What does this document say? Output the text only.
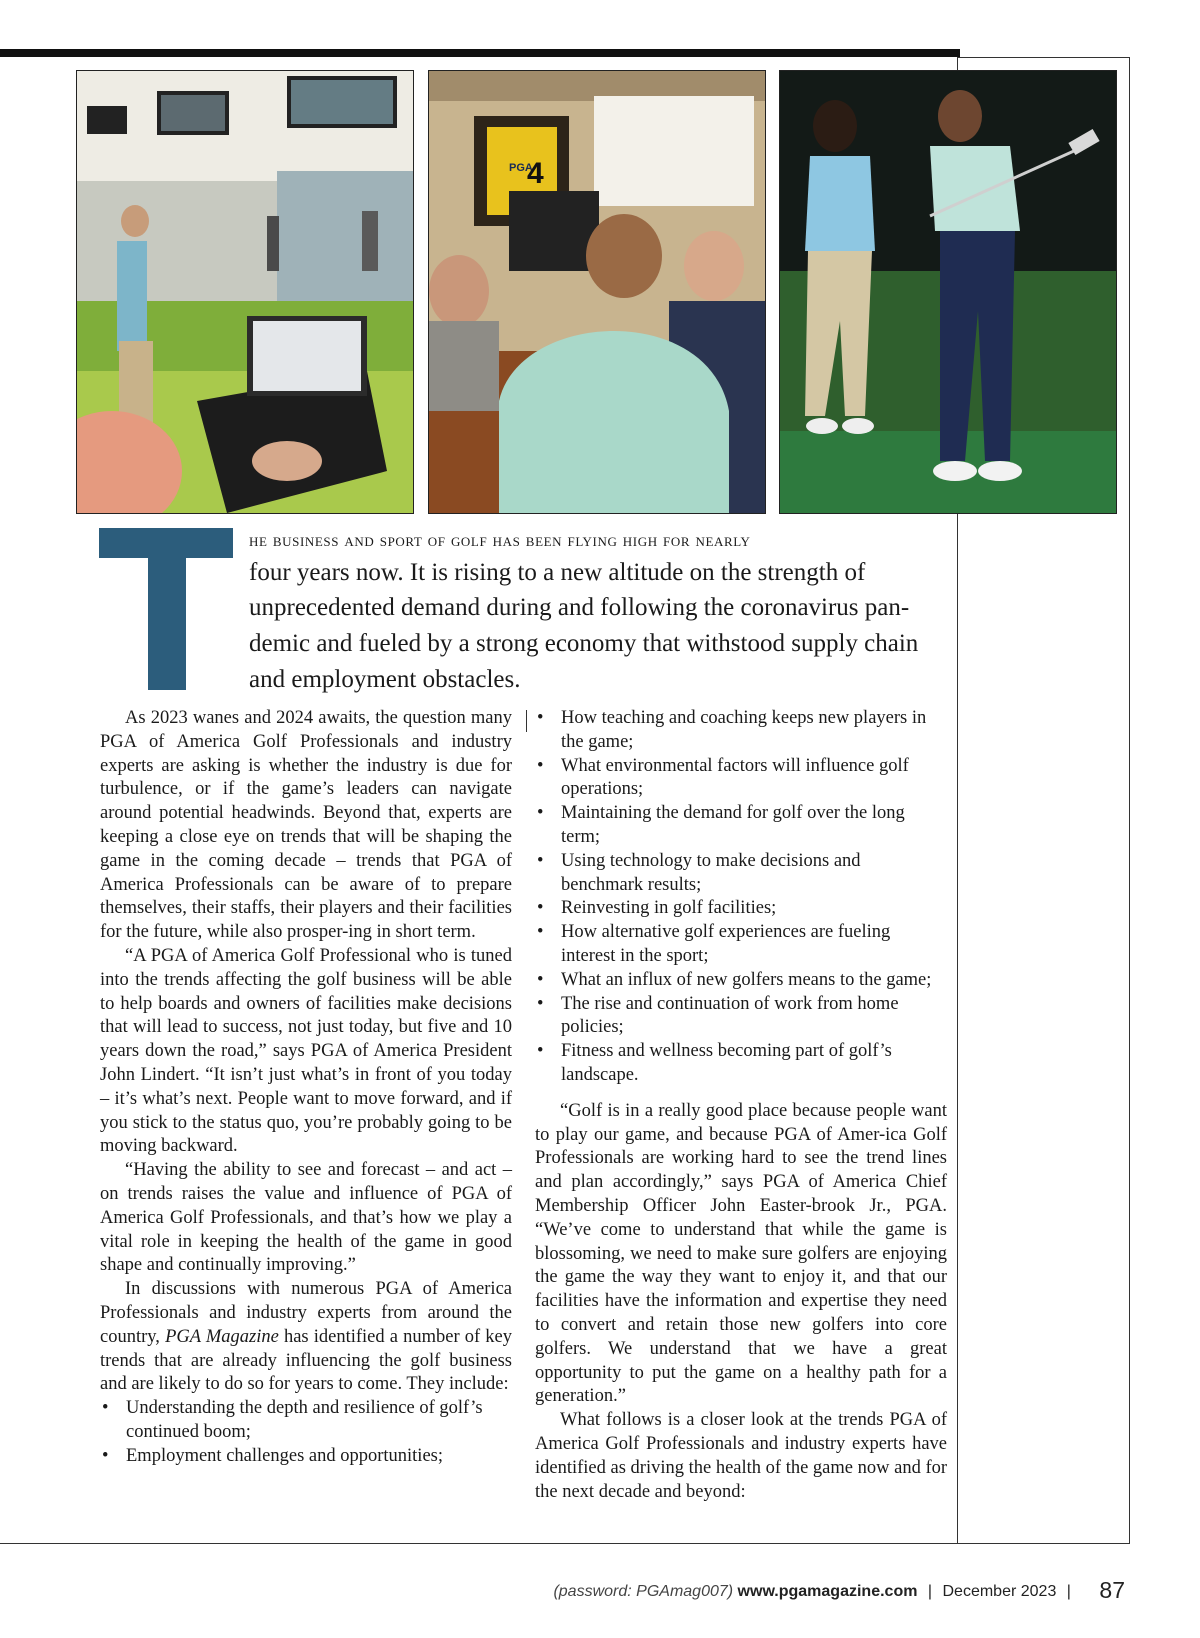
PGA
4
he business and sport of golf has been flying high for nearly
four years now. It is rising to a new altitude on the strength of
unprecedented demand during and following the coronavirus pan-
demic and fueled by a strong economy that withstood supply chain
and employment obstacles.

As 2023 wanes and 2024 awaits, the question many PGA of America Golf Professionals and industry experts are asking is whether the industry is due for turbulence, or if the game’s leaders can navigate around potential headwinds. Beyond that, experts are keeping a close eye on trends that will be shaping the game in the coming decade – trends that PGA of America Professionals can be aware of to prepare themselves, their staffs, their players and their facilities for the future, while also prosper-ing in short term.

“A PGA of America Golf Professional who is tuned into the trends affecting the golf business will be able to help boards and owners of facilities make decisions that will lead to success, not just today, but five and 10 years down the road,” says PGA of America President John Lindert. “It isn’t just what’s in front of you today – it’s what’s next. People want to move forward, and if you stick to the status quo, you’re probably going to be moving backward.

“Having the ability to see and forecast – and act – on trends raises the value and influence of PGA of America Golf Professionals, and that’s how we play a vital role in keeping the health of the game in good shape and continually improving.”

In discussions with numerous PGA of America Professionals and industry experts from around the country, PGA Magazine has identified a number of key trends that are already influencing the golf business and are likely to do so for years to come. They include:

• Understanding the depth and resilience of golf’s continued boom;
• Employment challenges and opportunities;
• How teaching and coaching keeps new players in the game;
• What environmental factors will influence golf operations;
• Maintaining the demand for golf over the long term;
• Using technology to make decisions and benchmark results;
• Reinvesting in golf facilities;
• How alternative golf experiences are fueling interest in the sport;
• What an influx of new golfers means to the game;
• The rise and continuation of work from home policies;
• Fitness and wellness becoming part of golf’s landscape.

“Golf is in a really good place because people want to play our game, and because PGA of Amer-ica Golf Professionals are working hard to see the trend lines and plan accordingly,” says PGA of America Chief Membership Officer John Easter-brook Jr., PGA. “We’ve come to understand that while the game is blossoming, we need to make sure golfers are enjoying the game the way they want to enjoy it, and that our facilities have the information and expertise they need to convert and retain those new golfers into core golfers. We understand that we have a great opportunity to put the game on a healthy path for a generation.”

What follows is a closer look at the trends PGA of America Golf Professionals and industry experts have identified as driving the health of the game now and for the next decade and beyond:

(password: PGAmag007) www.pgamagazine.com | December 2023 | 87
